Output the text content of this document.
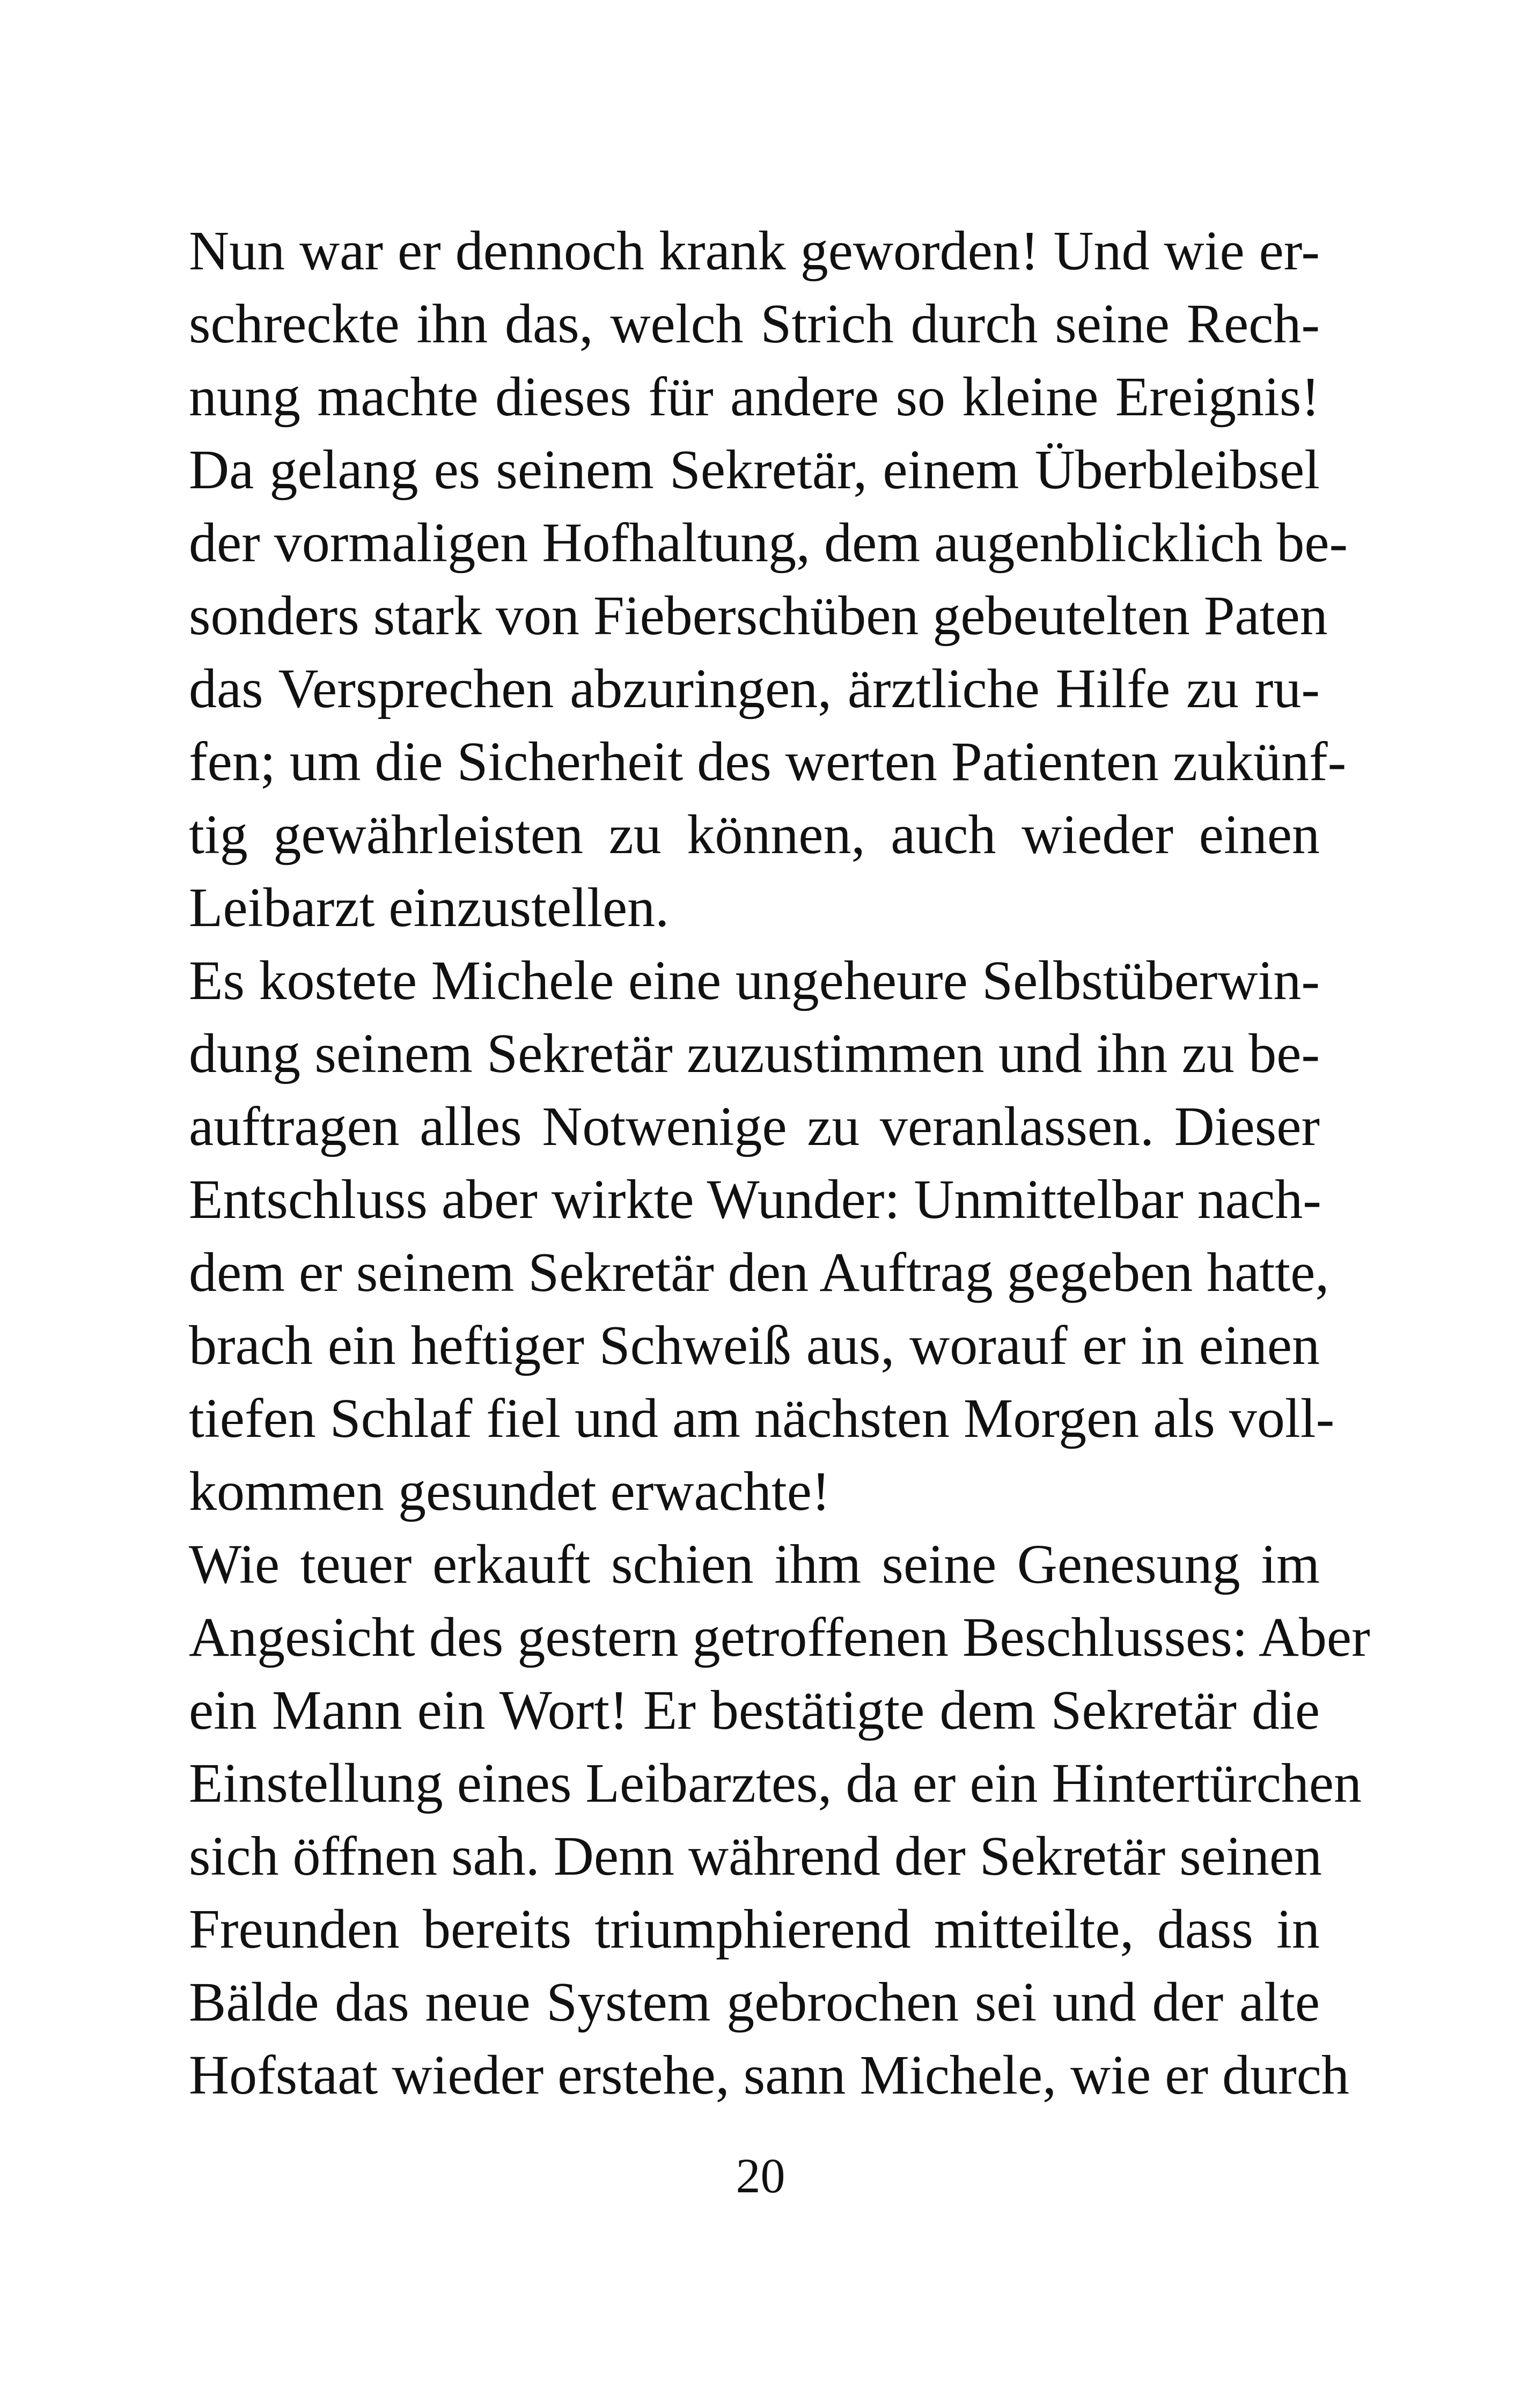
Nun war er dennoch krank geworden! Und wie er-
schreckte ihn das, welch Strich durch seine Rech-
nung machte dieses für andere so kleine Ereignis!
Da gelang es seinem Sekretär, einem Überbleibsel
der vormaligen Hofhaltung, dem augenblicklich be-
sonders stark von Fieberschüben gebeutelten Paten
das Versprechen abzuringen, ärztliche Hilfe zu ru-
fen; um die Sicherheit des werten Patienten zukünf-
tig gewährleisten zu können, auch wieder einen
Leibarzt einzustellen.

Es kostete Michele eine ungeheure Selbstüberwin-
dung seinem Sekretär zuzustimmen und ihn zu be-
auftragen alles Notwenige zu veranlassen. Dieser
Entschluss aber wirkte Wunder: Unmittelbar nach-
dem er seinem Sekretär den Auftrag gegeben hatte,
brach ein heftiger Schweiß aus, worauf er in einen
tiefen Schlaf fiel und am nächsten Morgen als voll-
kommen gesundet erwachte!

Wie teuer erkauft schien ihm seine Genesung im
Angesicht des gestern getroffenen Beschlusses: Aber
ein Mann ein Wort! Er bestätigte dem Sekretär die
Einstellung eines Leibarztes, da er ein Hintertürchen
sich öffnen sah. Denn während der Sekretär seinen
Freunden bereits triumphierend mitteilte, dass in
Bälde das neue System gebrochen sei und der alte
Hofstaat wieder erstehe, sann Michele, wie er durch

20
